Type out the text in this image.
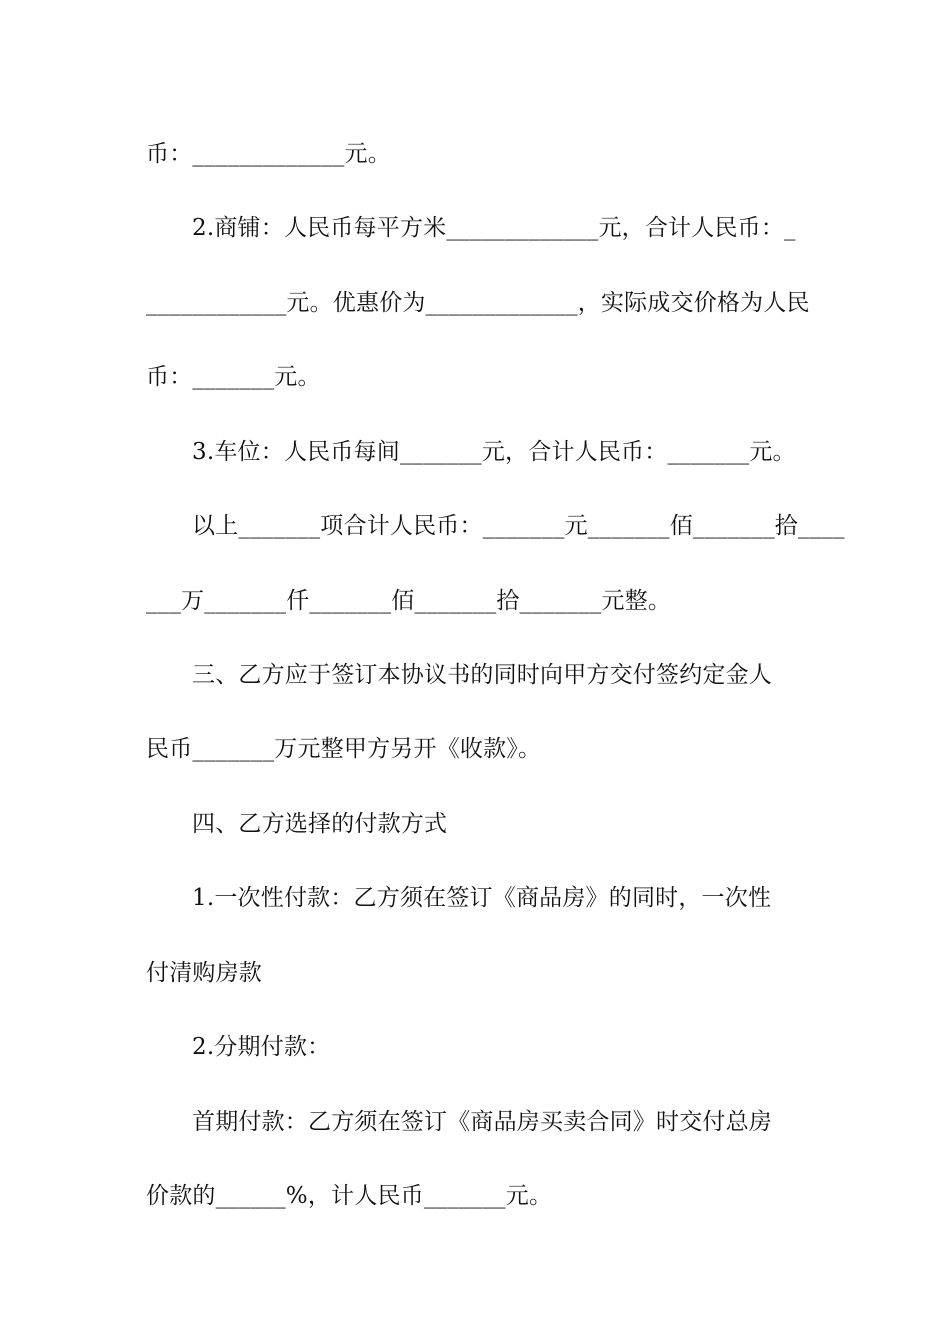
币：_____________元。
2.商铺：人民币每平方米_____________元，合计人民币：_
____________元。优惠价为_____________，实际成交价格为人民
币：_______元。
3.车位：人民币每间_______元，合计人民币：_______元。
以上_______项合计人民币：_______元_______佰_______拾____
___万_______仟_______佰_______拾_______元整。
三、乙方应于签订本协议书的同时向甲方交付签约定金人
民币_______万元整甲方另开《收款》。
四、乙方选择的付款方式
1.一次性付款：乙方须在签订《商品房》的同时，一次性
付清购房款
2.分期付款：
首期付款：乙方须在签订《商品房买卖合同》时交付总房
价款的______%，计人民币_______元。
